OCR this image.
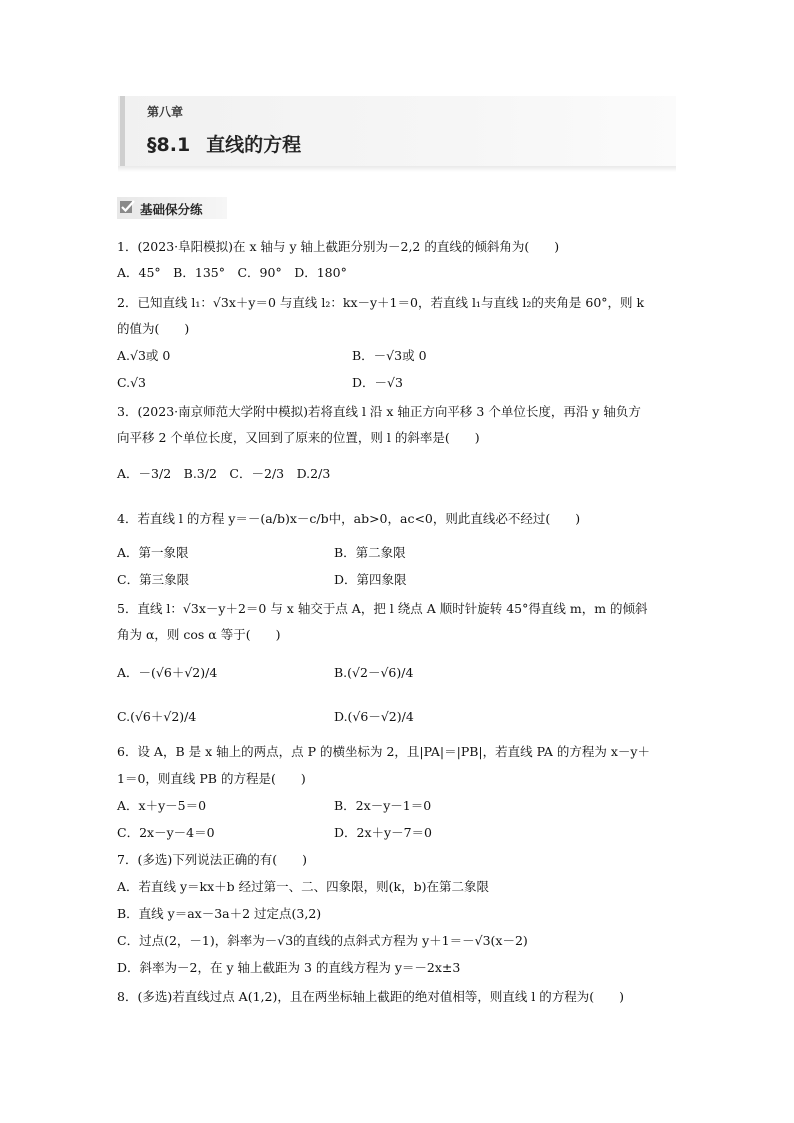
第八章
§8.1 直线的方程
基础保分练
1．(2023·阜阳模拟)在 x 轴与 y 轴上截距分别为－2,2 的直线的倾斜角为(　　)
A．45°　B．135°　C．90°　D．180°
2．已知直线 l₁：√3x＋y＝0 与直线 l₂：kx－y＋1＝0，若直线 l₁与直线 l₂的夹角是 60°，则 k
的值为(　　)
A.√3或 0	B．－√3或 0
C.√3	D．－√3
3．(2023·南京师范大学附中模拟)若将直线 l 沿 x 轴正方向平移 3 个单位长度，再沿 y 轴负方
向平移 2 个单位长度，又回到了原来的位置，则 l 的斜率是(　　)
A．－3/2　B.3/2　C．－2/3　D.2/3
4．若直线 l 的方程 y＝－(a/b)x－c/b中，ab>0，ac<0，则此直线必不经过(　　)
A．第一象限	B．第二象限
C．第三象限	D．第四象限
5．直线 l：√3x－y＋2＝0 与 x 轴交于点 A，把 l 绕点 A 顺时针旋转 45°得直线 m，m 的倾斜
角为 α，则 cos α 等于(　　)
A．－(√6＋√2)/4	B.(√2－√6)/4
C.(√6＋√2)/4	D.(√6－√2)/4
6．设 A，B 是 x 轴上的两点，点 P 的横坐标为 2，且|PA|＝|PB|，若直线 PA 的方程为 x－y＋
1＝0，则直线 PB 的方程是(　　)
A．x＋y－5＝0	B．2x－y－1＝0
C．2x－y－4＝0	D．2x＋y－7＝0
7．(多选)下列说法正确的有(　　)
A．若直线 y＝kx＋b 经过第一、二、四象限，则(k，b)在第二象限
B．直线 y＝ax－3a＋2 过定点(3,2)
C．过点(2，－1)，斜率为－√3的直线的点斜式方程为 y＋1＝－√3(x－2)
D．斜率为－2，在 y 轴上截距为 3 的直线方程为 y＝－2x±3
8．(多选)若直线过点 A(1,2)，且在两坐标轴上截距的绝对值相等，则直线 l 的方程为(　　)
